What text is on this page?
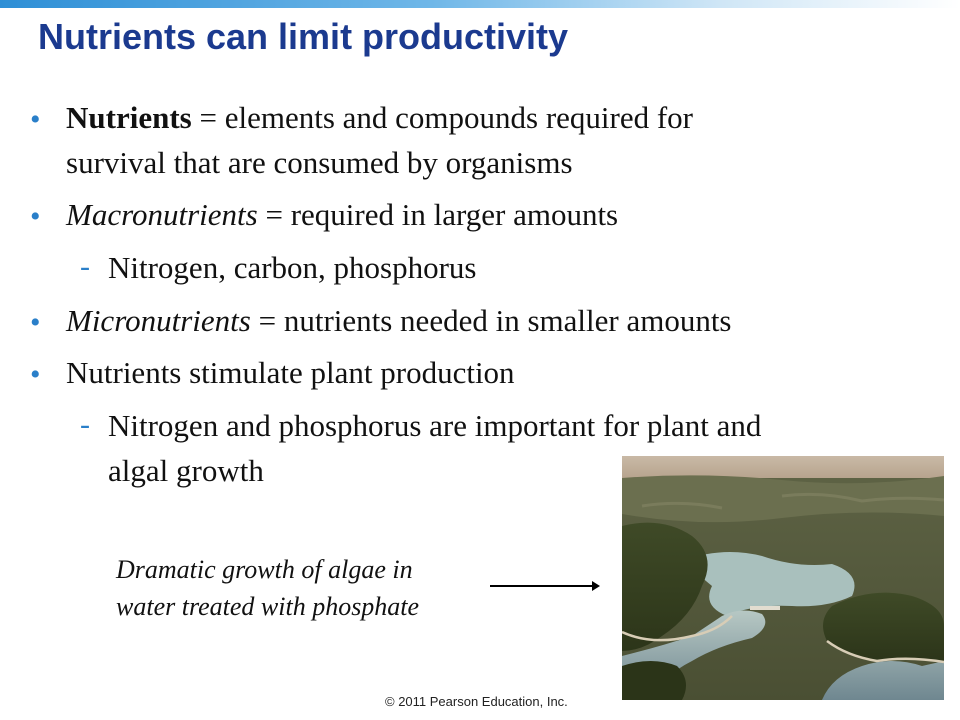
Nutrients can limit productivity
• Nutrients = elements and compounds required for
survival that are consumed by organisms
• Macronutrients = required in larger amounts
- Nitrogen, carbon, phosphorus
• Micronutrients = nutrients needed in smaller amounts
• Nutrients stimulate plant production
- Nitrogen and phosphorus are important for plant and
algal growth
Dramatic growth of algae in
water treated with phosphate
© 2011 Pearson Education, Inc.
